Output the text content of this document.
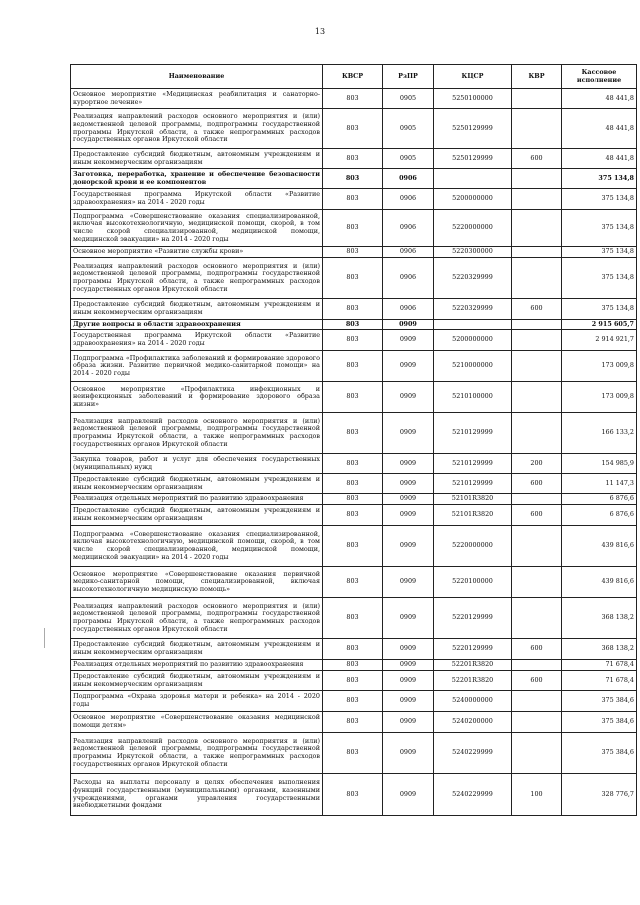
13
Наименование	КВСР	РзПР	КЦСР	КВР	Кассовое исполнение
Основное мероприятие «Медицинская реабилитация и санаторно-курортное лечение»	803	0905	5250100000		48 441,8
Реализация направлений расходов основного мероприятия и (или) ведомственной целевой программы, подпрограммы государственной программы Иркутской области, а также непрограммных расходов государственных органов Иркутской области	803	0905	5250129999		48 441,8
Предоставление субсидий бюджетным, автономным учреждениям и иным некоммерческим организациям	803	0905	5250129999	600	48 441,8
Заготовка, переработка, хранение и обеспечение безопасности донорской крови и ее компонентов	803	0906			375 134,8
Государственная программа Иркутской области «Развитие здравоохранения» на 2014 - 2020 годы	803	0906	5200000000		375 134,8
Подпрограмма «Совершенствование оказания специализированной, включая высокотехнологичную, медицинской помощи, скорой, в том числе скорой специализированной, медицинской помощи, медицинской эвакуации» на 2014 - 2020 годы	803	0906	5220000000		375 134,8
Основное мероприятие «Развитие службы крови»	803	0906	5220300000		375 134,8
Реализация направлений расходов основного мероприятия и (или) ведомственной целевой программы, подпрограммы государственной программы Иркутской области, а также непрограммных расходов государственных органов Иркутской области	803	0906	5220329999		375 134,8
Предоставление субсидий бюджетным, автономным учреждениям и иным некоммерческим организациям	803	0906	5220329999	600	375 134,8
Другие вопросы в области здравоохранения	803	0909			2 915 605,7
Государственная программа Иркутской области «Развитие здравоохранения» на 2014 - 2020 годы	803	0909	5200000000		2 914 921,7
Подпрограмма «Профилактика заболеваний и формирование здорового образа жизни. Развитие первичной медико-санитарной помощи» на 2014 - 2020 годы	803	0909	5210000000		173 009,8
Основное мероприятие «Профилактика инфекционных и неинфекционных заболеваний и формирование здорового образа жизни»	803	0909	5210100000		173 009,8
Реализация направлений расходов основного мероприятия и (или) ведомственной целевой программы, подпрограммы государственной программы Иркутской области, а также непрограммных расходов государственных органов Иркутской области	803	0909	5210129999		166 133,2
Закупка товаров, работ и услуг для обеспечения государственных (муниципальных) нужд	803	0909	5210129999	200	154 985,9
Предоставление субсидий бюджетным, автономным учреждениям и иным некоммерческим организациям	803	0909	5210129999	600	11 147,3
Реализация отдельных мероприятий по развитию здравоохранения	803	0909	52101R3820		6 876,6
Предоставление субсидий бюджетным, автономным учреждениям и иным некоммерческим организациям	803	0909	52101R3820	600	6 876,6
Подпрограмма «Совершенствование оказания специализированной, включая высокотехнологичную, медицинской помощи, скорой, в том числе скорой специализированной, медицинской помощи, медицинской эвакуации» на 2014 - 2020 годы	803	0909	5220000000		439 816,6
Основное мероприятие «Совершенствование оказания первичной медико-санитарной помощи, специализированной, включая высокотехнологичную медицинскую помощь»	803	0909	5220100000		439 816,6
Реализация направлений расходов основного мероприятия и (или) ведомственной целевой программы, подпрограммы государственной программы Иркутской области, а также непрограммных расходов государственных органов Иркутской области	803	0909	5220129999		368 138,2
Предоставление субсидий бюджетным, автономным учреждениям и иным некоммерческим организациям	803	0909	5220129999	600	368 138,2
Реализация отдельных мероприятий по развитию здравоохранения	803	0909	52201R3820		71 678,4
Предоставление субсидий бюджетным, автономным учреждениям и иным некоммерческим организациям	803	0909	52201R3820	600	71 678,4
Подпрограмма «Охрана здоровья матери и ребенка» на 2014 - 2020 годы	803	0909	5240000000		375 384,6
Основное мероприятие «Совершенствование оказания медицинской помощи детям»	803	0909	5240200000		375 384,6
Реализация направлений расходов основного мероприятия и (или) ведомственной целевой программы, подпрограммы государственной программы Иркутской области, а также непрограммных расходов государственных органов Иркутской области	803	0909	5240229999		375 384,6
Расходы на выплаты персоналу в целях обеспечения выполнения функций государственными (муниципальными) органами, казенными учреждениями, органами управления государственными внебюджетными фондами	803	0909	5240229999	100	328 776,7
